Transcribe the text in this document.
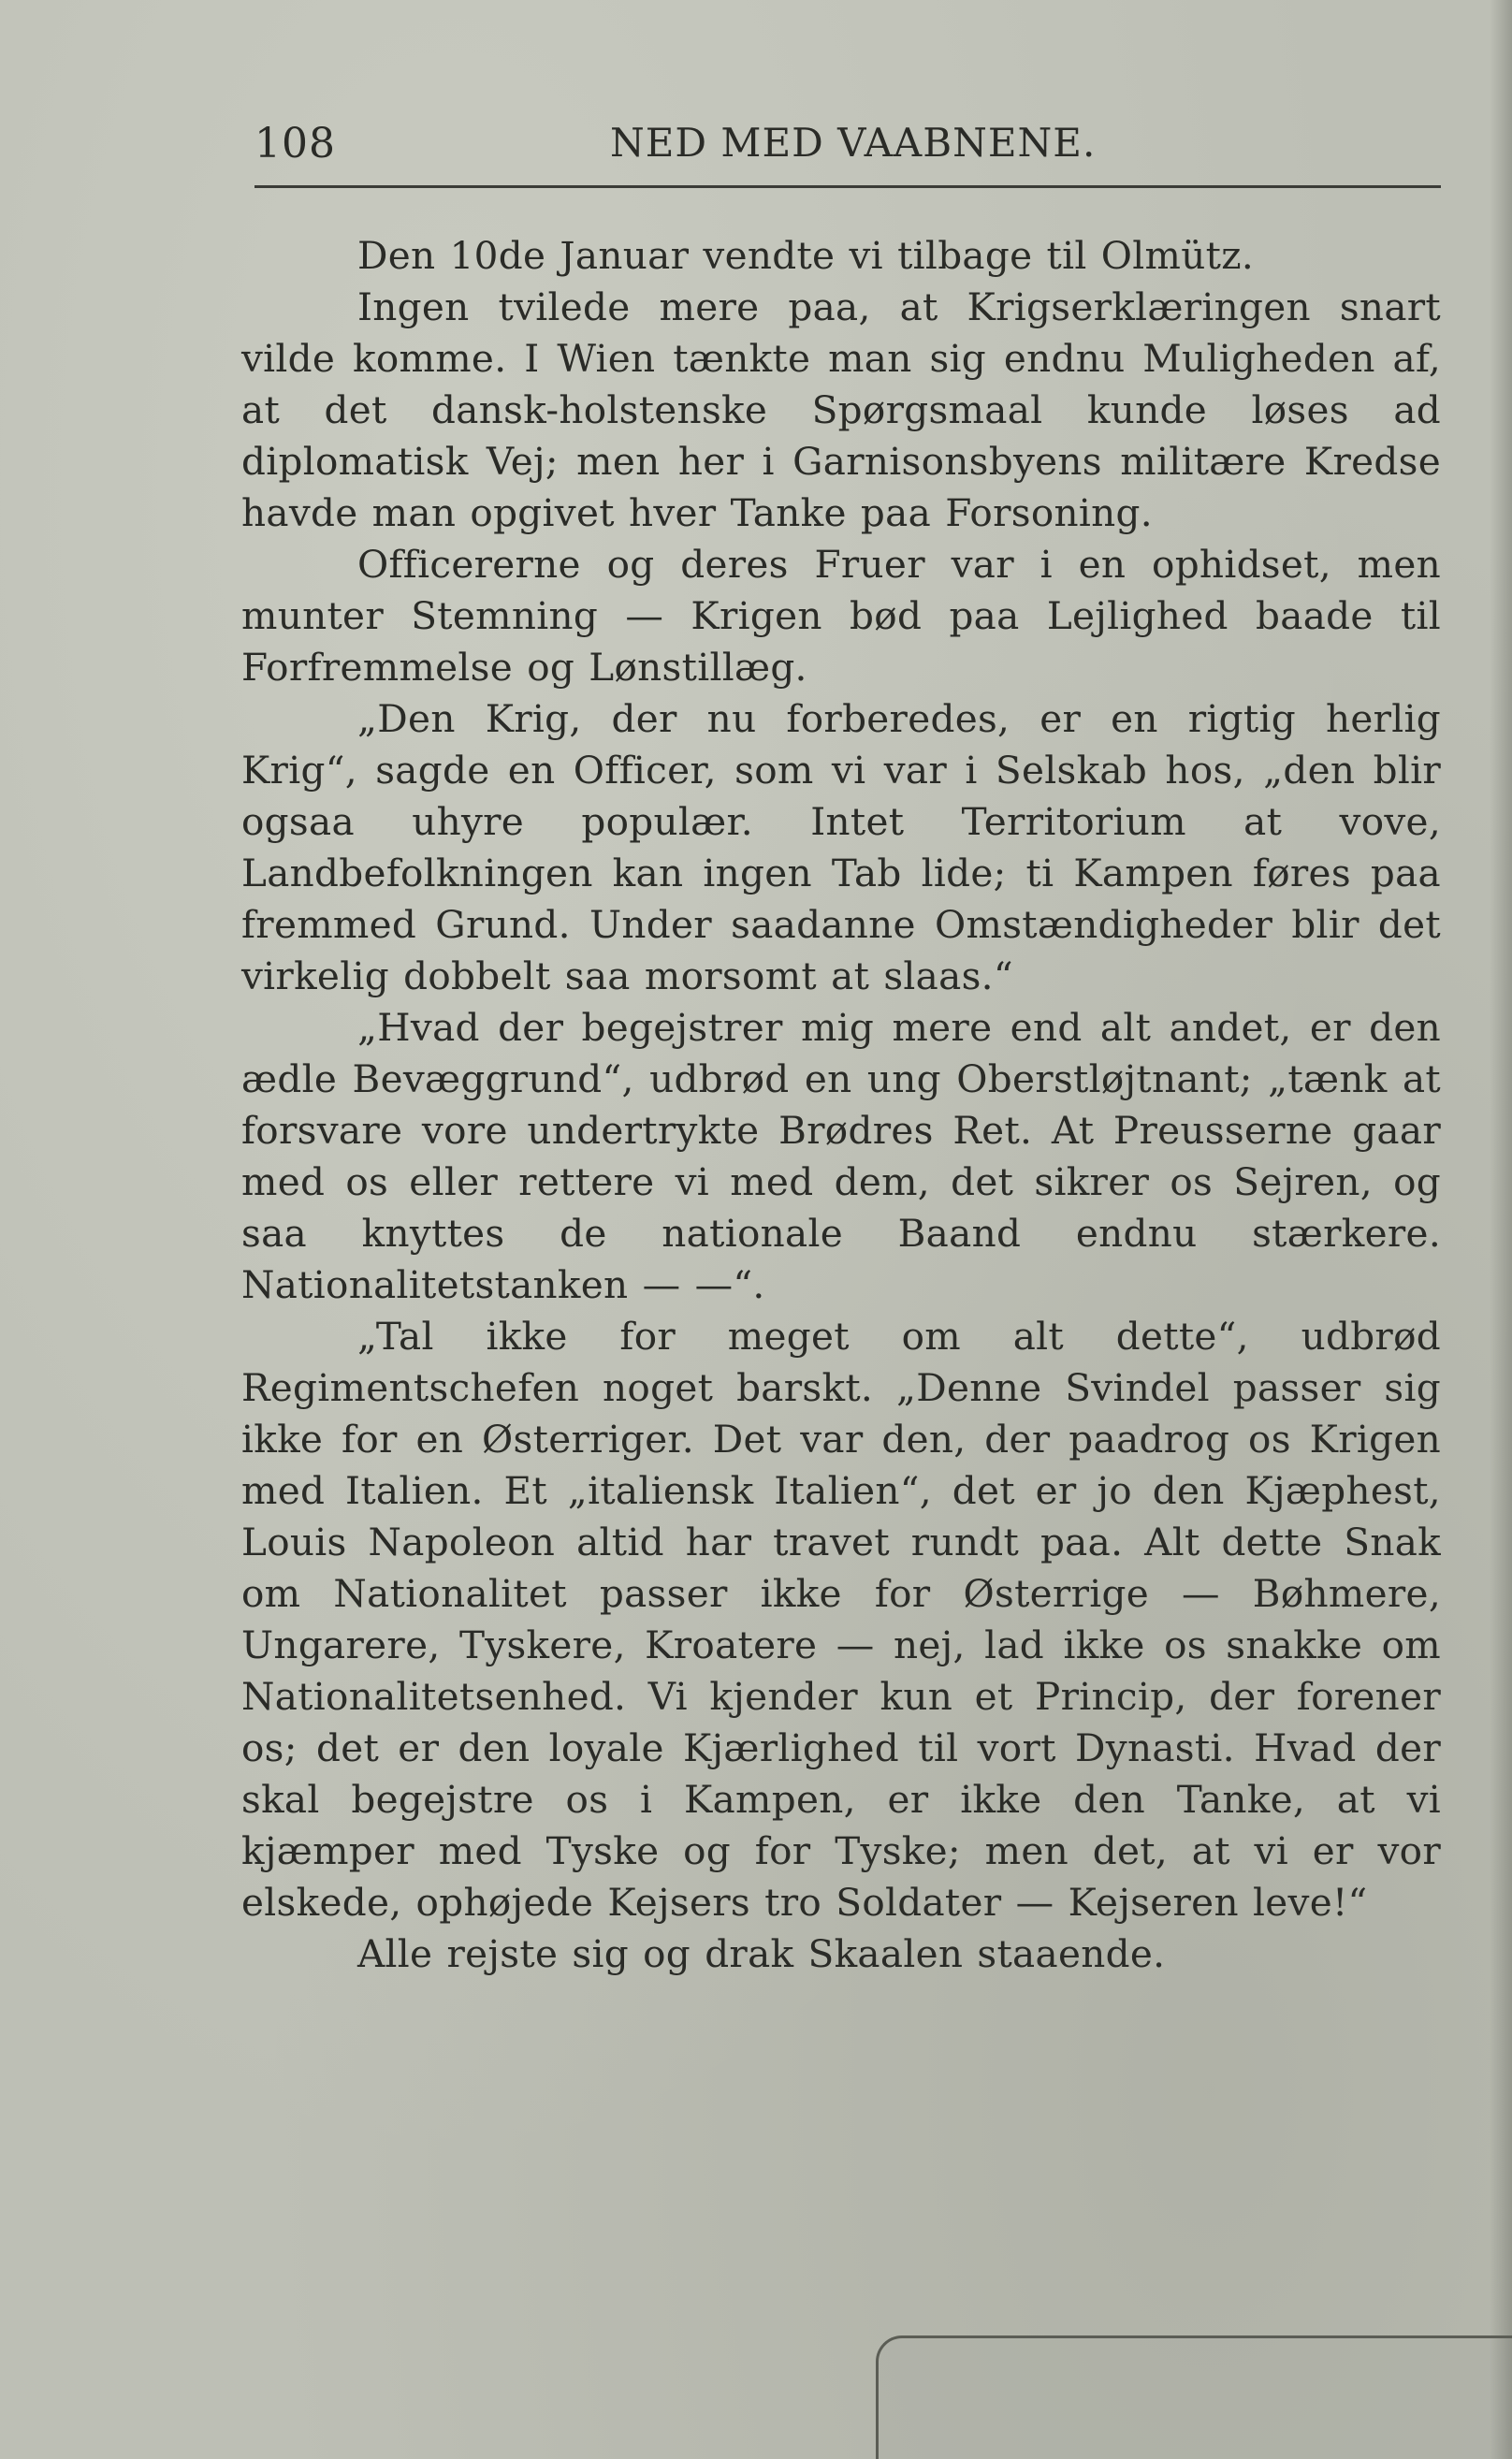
108	NED MED VAABNENE.

Den 10de Januar vendte vi tilbage til Olmütz.

Ingen tvilede mere paa, at Krigserklæringen snart vilde komme. I Wien tænkte man sig endnu Muligheden af, at det dansk-holstenske Spørgsmaal kunde løses ad diplomatisk Vej; men her i Garnisonsbyens militære Kredse havde man opgivet hver Tanke paa Forsoning.

Officererne og deres Fruer var i en ophidset, men munter Stemning — Krigen bød paa Lejlighed baade til Forfremmelse og Lønstillæg.

„Den Krig, der nu forberedes, er en rigtig herlig Krig“, sagde en Officer, som vi var i Selskab hos, „den blir ogsaa uhyre populær. Intet Territorium at vove, Landbefolkningen kan ingen Tab lide; ti Kampen føres paa fremmed Grund. Under saadanne Omstændigheder blir det virkelig dobbelt saa morsomt at slaas.“

„Hvad der begejstrer mig mere end alt andet, er den ædle Bevæggrund“, udbrød en ung Oberstløjtnant; „tænk at forsvare vore undertrykte Brødres Ret. At Preusserne gaar med os eller rettere vi med dem, det sikrer os Sejren, og saa knyttes de nationale Baand endnu stærkere. Nationalitetstanken — —“.

„Tal ikke for meget om alt dette“, udbrød Regimentschefen noget barskt. „Denne Svindel passer sig ikke for en Østerriger. Det var den, der paadrog os Krigen med Italien. Et „italiensk Italien“, det er jo den Kjæphest, Louis Napoleon altid har travet rundt paa. Alt dette Snak om Nationalitet passer ikke for Østerrige — Bøhmere, Ungarere, Tyskere, Kroatere — nej, lad ikke os snakke om Nationalitetsenhed. Vi kjender kun et Princip, der forener os; det er den loyale Kjærlighed til vort Dynasti. Hvad der skal begejstre os i Kampen, er ikke den Tanke, at vi kjæmper med Tyske og for Tyske; men det, at vi er vor elskede, ophøjede Kejsers tro Soldater — Kejseren leve!“

Alle rejste sig og drak Skaalen staaende.
